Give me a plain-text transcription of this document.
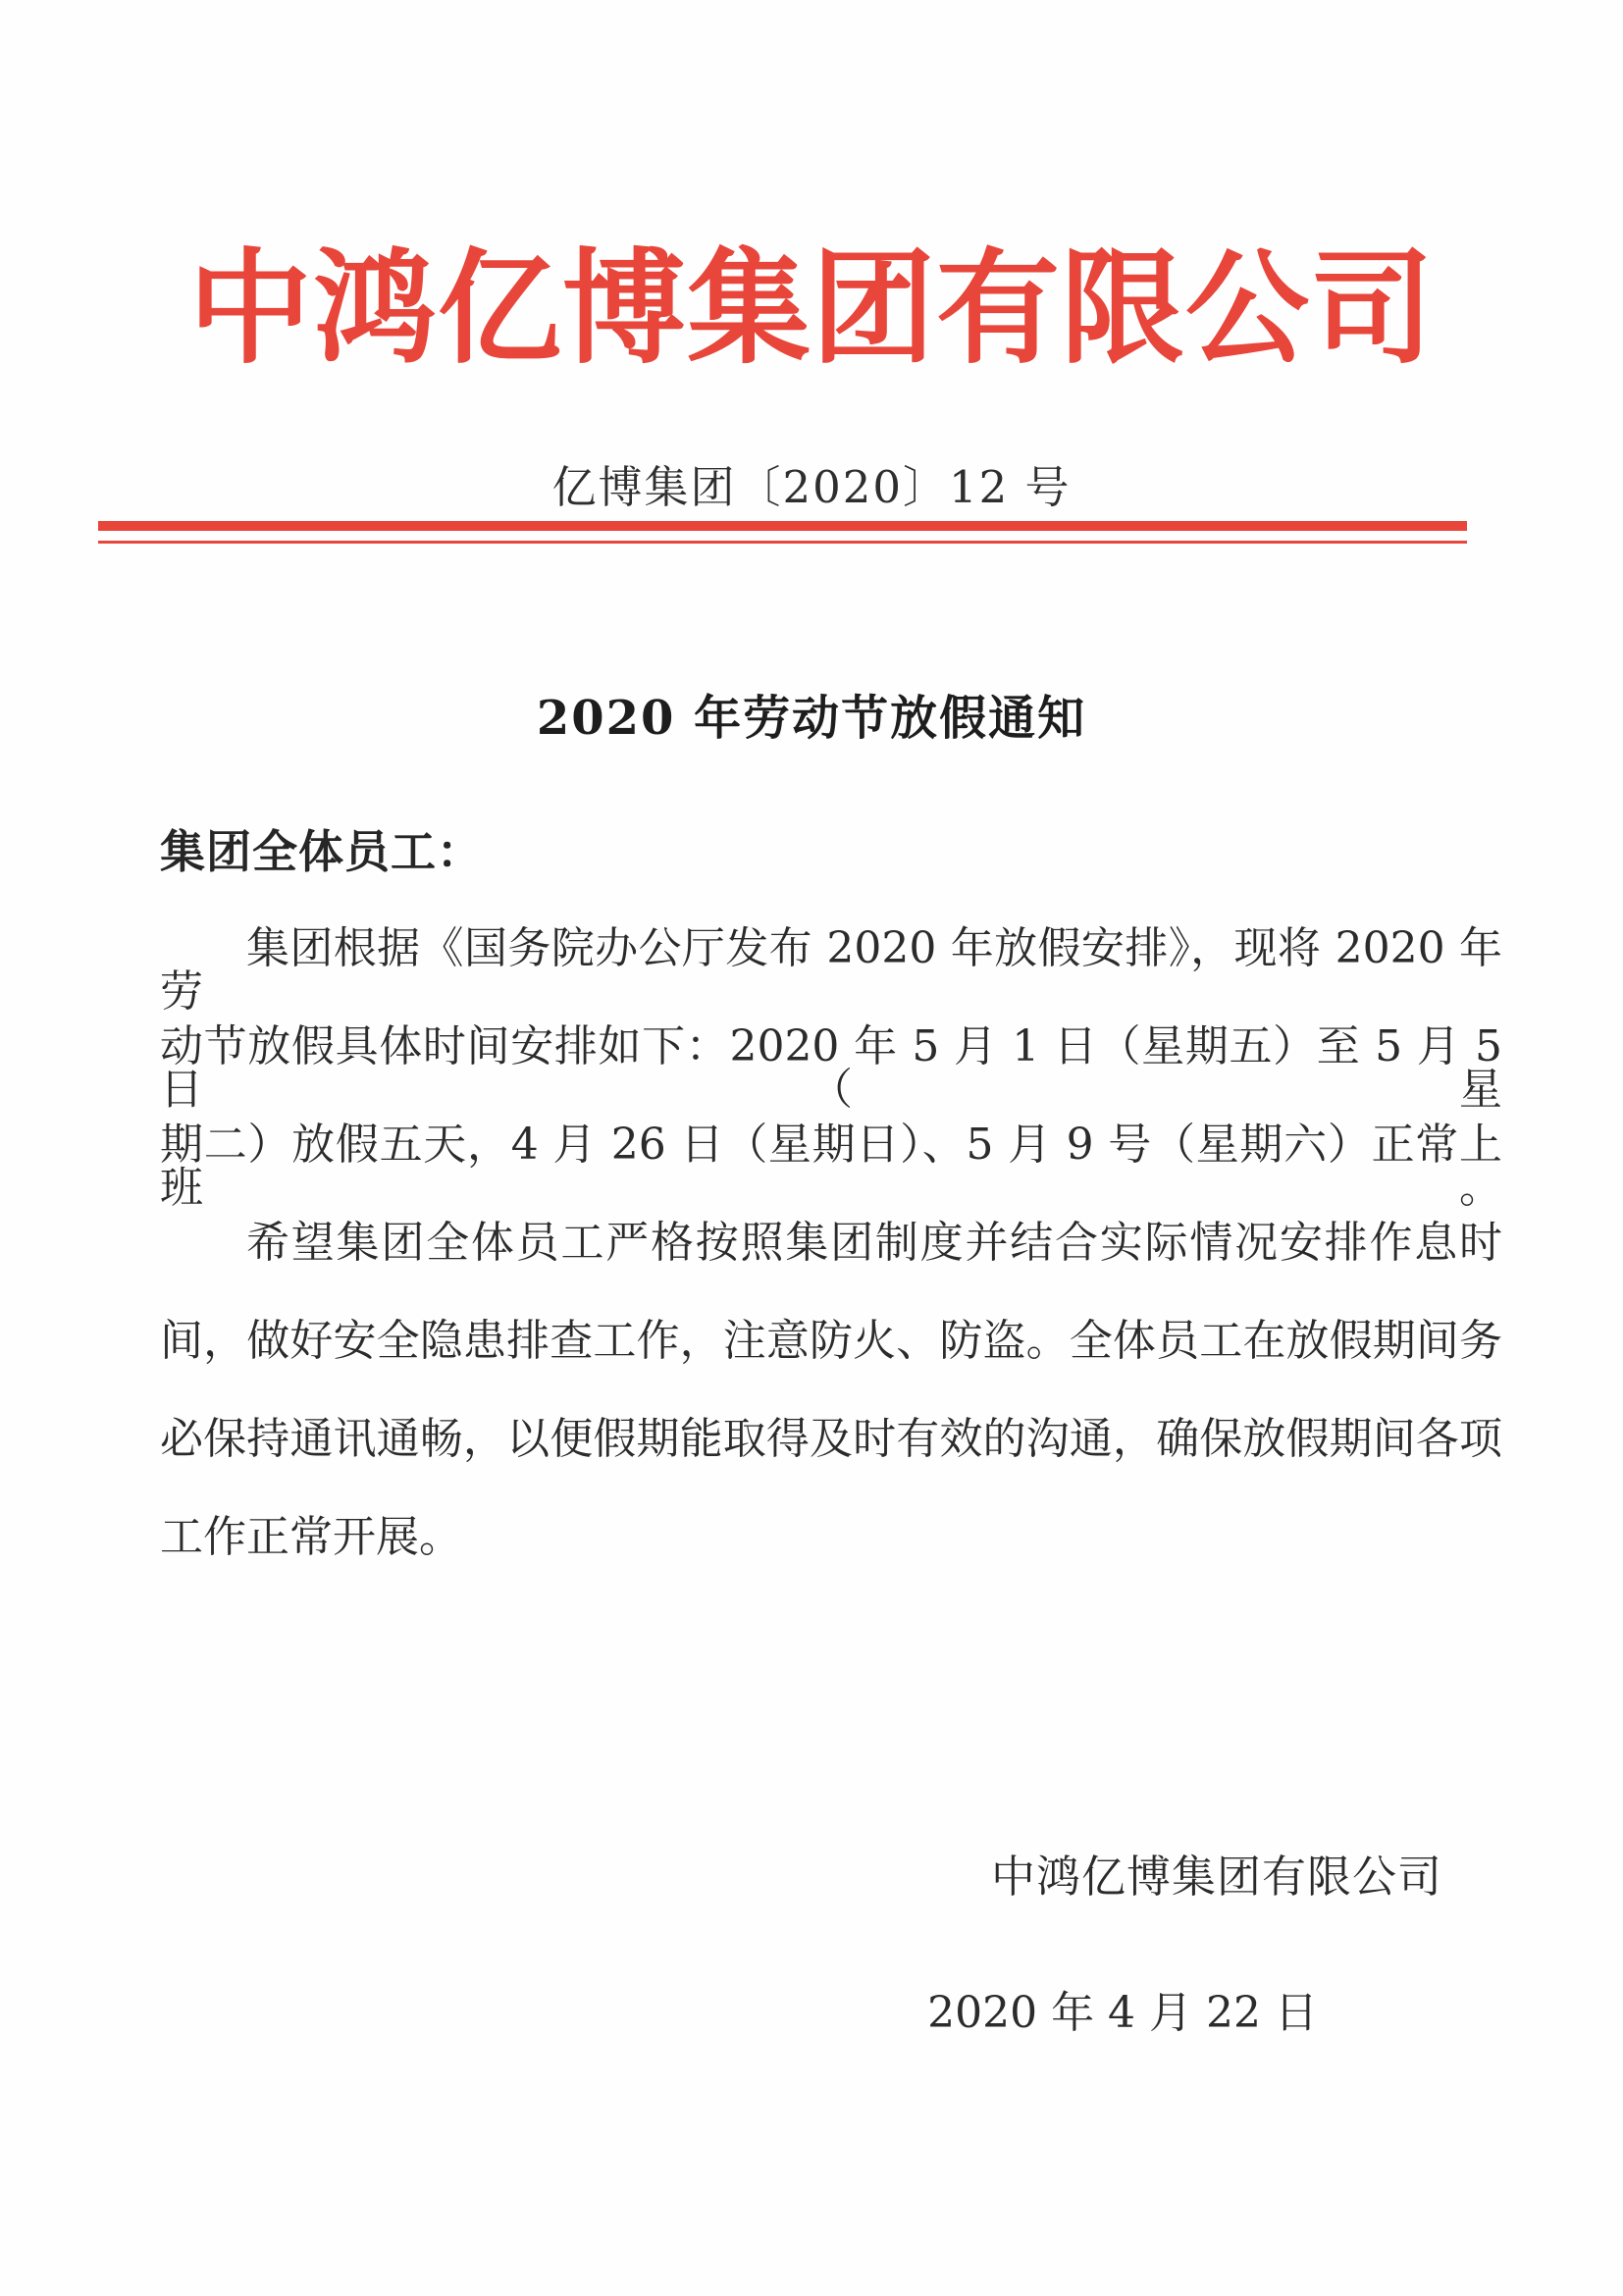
中鸿亿博集团有限公司
亿博集团〔2020〕12 号
2020 年劳动节放假通知
集团全体员工：
集团根据《国务院办公厅发布 2020 年放假安排》，现将 2020 年劳
动节放假具体时间安排如下：2020 年 5 月 1 日（星期五）至 5 月 5 日（星
期二）放假五天，4 月 26 日（星期日）、5 月 9 号（星期六）正常上班。
希望集团全体员工严格按照集团制度并结合实际情况安排作息时
间，做好安全隐患排查工作，注意防火、防盗。全体员工在放假期间务
必保持通讯通畅，以便假期能取得及时有效的沟通，确保放假期间各项
工作正常开展。
中鸿亿博集团有限公司
2020 年 4 月 22 日
